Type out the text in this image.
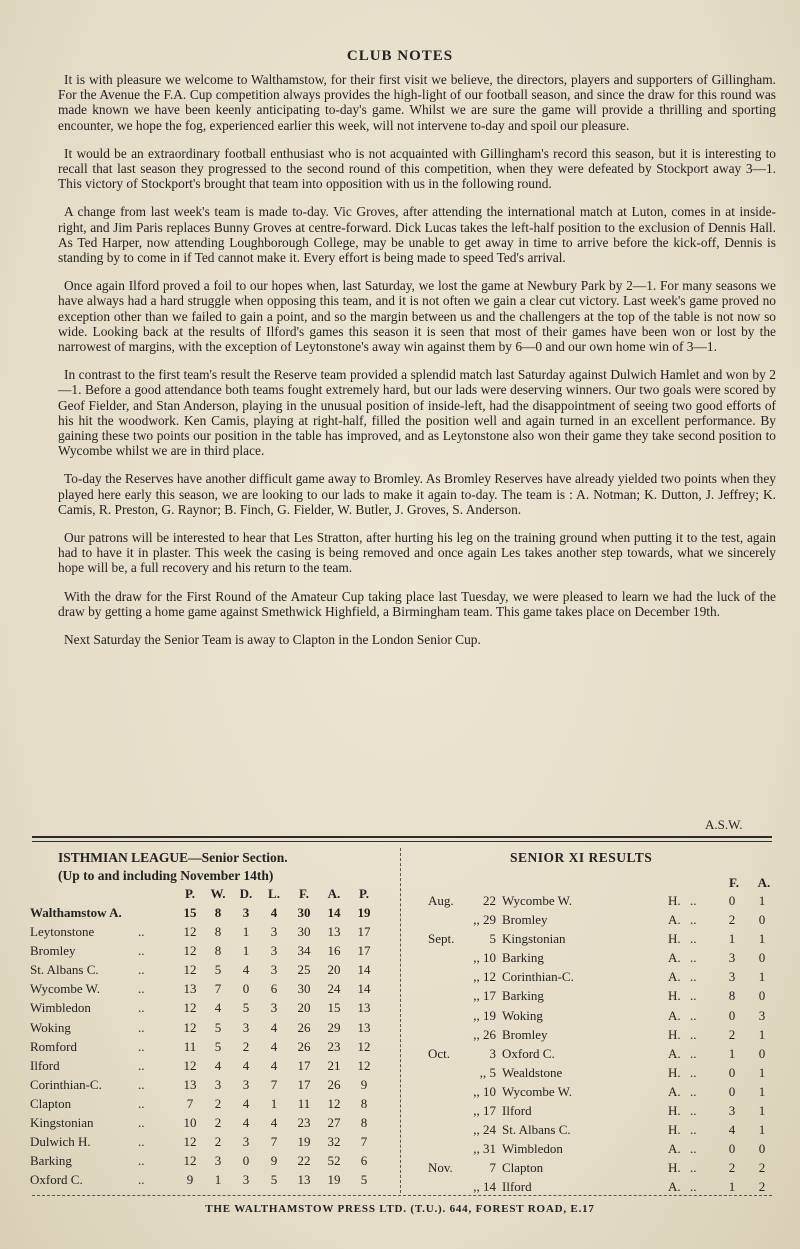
CLUB NOTES

It is with pleasure we welcome to Walthamstow, for their first visit we believe, the directors, players and supporters of Gillingham. For the Avenue the F.A. Cup competition always provides the high-light of our football season, and since the draw for this round was made known we have been keenly anticipating to-day's game. Whilst we are sure the game will provide a thrilling and sporting encounter, we hope the fog, experienced earlier this week, will not intervene to-day and spoil our pleasure.

It would be an extraordinary football enthusiast who is not acquainted with Gillingham's record this season, but it is interesting to recall that last season they progressed to the second round of this competition, when they were defeated by Stockport away 3—1. This victory of Stockport's brought that team into opposition with us in the following round.

A change from last week's team is made to-day. Vic Groves, after attending the international match at Luton, comes in at inside-right, and Jim Paris replaces Bunny Groves at centre-forward. Dick Lucas takes the left-half position to the exclusion of Dennis Hall. As Ted Harper, now attending Loughborough College, may be unable to get away in time to arrive before the kick-off, Dennis is standing by to come in if Ted cannot make it. Every effort is being made to speed Ted's arrival.

Once again Ilford proved a foil to our hopes when, last Saturday, we lost the game at Newbury Park by 2—1. For many seasons we have always had a hard struggle when opposing this team, and it is not often we gain a clear cut victory. Last week's game proved no exception other than we failed to gain a point, and so the margin between us and the challengers at the top of the table is not now so wide. Looking back at the results of Ilford's games this season it is seen that most of their games have been won or lost by the narrowest of margins, with the exception of Leytonstone's away win against them by 6—0 and our own home win of 3—1.

In contrast to the first team's result the Reserve team provided a splendid match last Saturday against Dulwich Hamlet and won by 2—1. Before a good attendance both teams fought extremely hard, but our lads were deserving winners. Our two goals were scored by Geof Fielder, and Stan Anderson, playing in the unusual position of inside-left, had the disappointment of seeing two good efforts of his hit the woodwork. Ken Camis, playing at right-half, filled the position well and again turned in an excellent performance. By gaining these two points our position in the table has improved, and as Leytonstone also won their game they take second position to Wycombe whilst we are in third place.

To-day the Reserves have another difficult game away to Bromley. As Bromley Reserves have already yielded two points when they played here early this season, we are looking to our lads to make it again to-day. The team is : A. Notman; K. Dutton, J. Jeffrey; K. Camis, R. Preston, G. Raynor; B. Finch, G. Fielder, W. Butler, J. Groves, S. Anderson.

Our patrons will be interested to hear that Les Stratton, after hurting his leg on the training ground when putting it to the test, again had to have it in plaster. This week the casing is being removed and once again Les takes another step towards, what we sincerely hope will be, a full recovery and his return to the team.

With the draw for the First Round of the Amateur Cup taking place last Tuesday, we were pleased to learn we had the luck of the draw by getting a home game against Smethwick Highfield, a Birmingham team. This game takes place on December 19th.

Next Saturday the Senior Team is away to Clapton in the London Senior Cup.

A.S.W.
ISTHMIAN LEAGUE—Senior Section.
(Up to and including November 14th)
P.	W.	D.	L.	F.	A.	P.
Walthamstow A.	15	8	3	4	30	14	19
Leytonstone	..	12	8	1	3	30	13	17
Bromley	..	12	8	1	3	34	16	17
St. Albans C.	..	12	5	4	3	25	20	14
Wycombe W.	..	13	7	0	6	30	24	14
Wimbledon	..	12	4	5	3	20	15	13
Woking	..	12	5	3	4	26	29	13
Romford	..	11	5	2	4	26	23	12
Ilford	..	12	4	4	4	17	21	12
Corinthian-C.	..	13	3	3	7	17	26	9
Clapton	..	7	2	4	1	11	12	8
Kingstonian	..	10	2	4	4	23	27	8
Dulwich H.	..	12	2	3	7	19	32	7
Barking	..	12	3	0	9	22	52	6
Oxford C.	..	9	1	3	5	13	19	5
SENIOR XI RESULTS
F.	A.
Aug.	22 Wycombe W.	H. ..	0	1
,, 29 Bromley	A. ..	2	0
Sept.	5 Kingstonian	H. ..	1	1
,, 10 Barking	A. ..	3	0
,, 12 Corinthian-C.	A. ..	3	1
,, 17 Barking	H. ..	8	0
,, 19 Woking	A. ..	0	3
,, 26 Bromley	H. ..	2	1
Oct.	3 Oxford C.	A. ..	1	0
,, 5 Wealdstone	H. ..	0	1
,, 10 Wycombe W.	A. ..	0	1
,, 17 Ilford	H. ..	3	1
,, 24 St. Albans C.	H. ..	4	1
,, 31 Wimbledon	A. ..	0	0
Nov.	7 Clapton	H. ..	2	2
,, 14 Ilford	A. ..	1	2
THE WALTHAMSTOW PRESS LTD. (T.U.). 644, FOREST ROAD, E.17
